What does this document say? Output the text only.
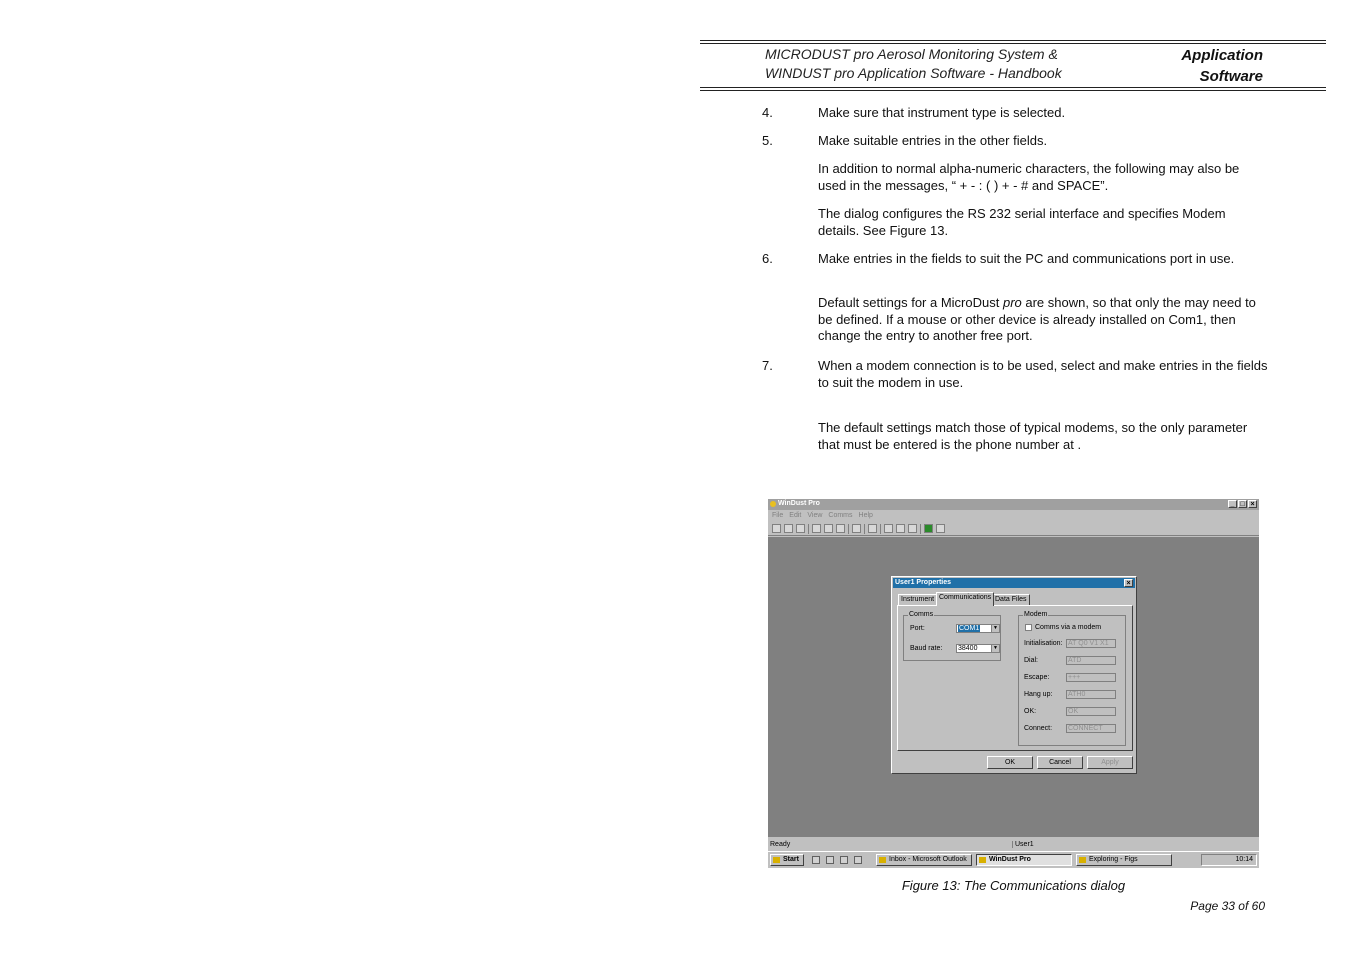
MICRODUST pro Aerosol Monitoring System &
WINDUST pro Application Software - Handbook
Application
Software
4.	Make sure that instrument type is selected.
5.	Make suitable entries in the other fields.
In addition to normal alpha-numeric characters, the following may also be used in the messages, “ + - : ( ) + - # and SPACE”.
The dialog configures the RS 232 serial interface and specifies Modem details. See Figure 13.
6.	Make entries in the fields to suit the PC and communications port in use.
Default settings for a MicroDust pro are shown, so that only the may need to be defined. If a mouse or other device is already installed on Com1, then change the entry to another free port.
7.	When a modem connection is to be used, select and make entries in the fields to suit the modem in use.
The default settings match those of typical modems, so the only parameter that must be entered is the phone number at .
WinDust Pro	_ □ ×
File Edit View Comms Help
User1 Properties	×
Instrument Communications Data Files
Comms
Port:	COM1	▼
Baud rate: 38400	▼
Modem
Comms via a modem
Initialisation: AT Q0 V1 X1
Dial:	ATD
Escape:	+++
Hang up: ATH0
OK:	OK
Connect: CONNECT
OK	Cancel	Apply
Ready	User1
Start	Inbox - Microsoft Outlook	WinDust Pro	Exploring - Figs	10:14
Figure 13: The Communications dialog
Page 33 of 60
